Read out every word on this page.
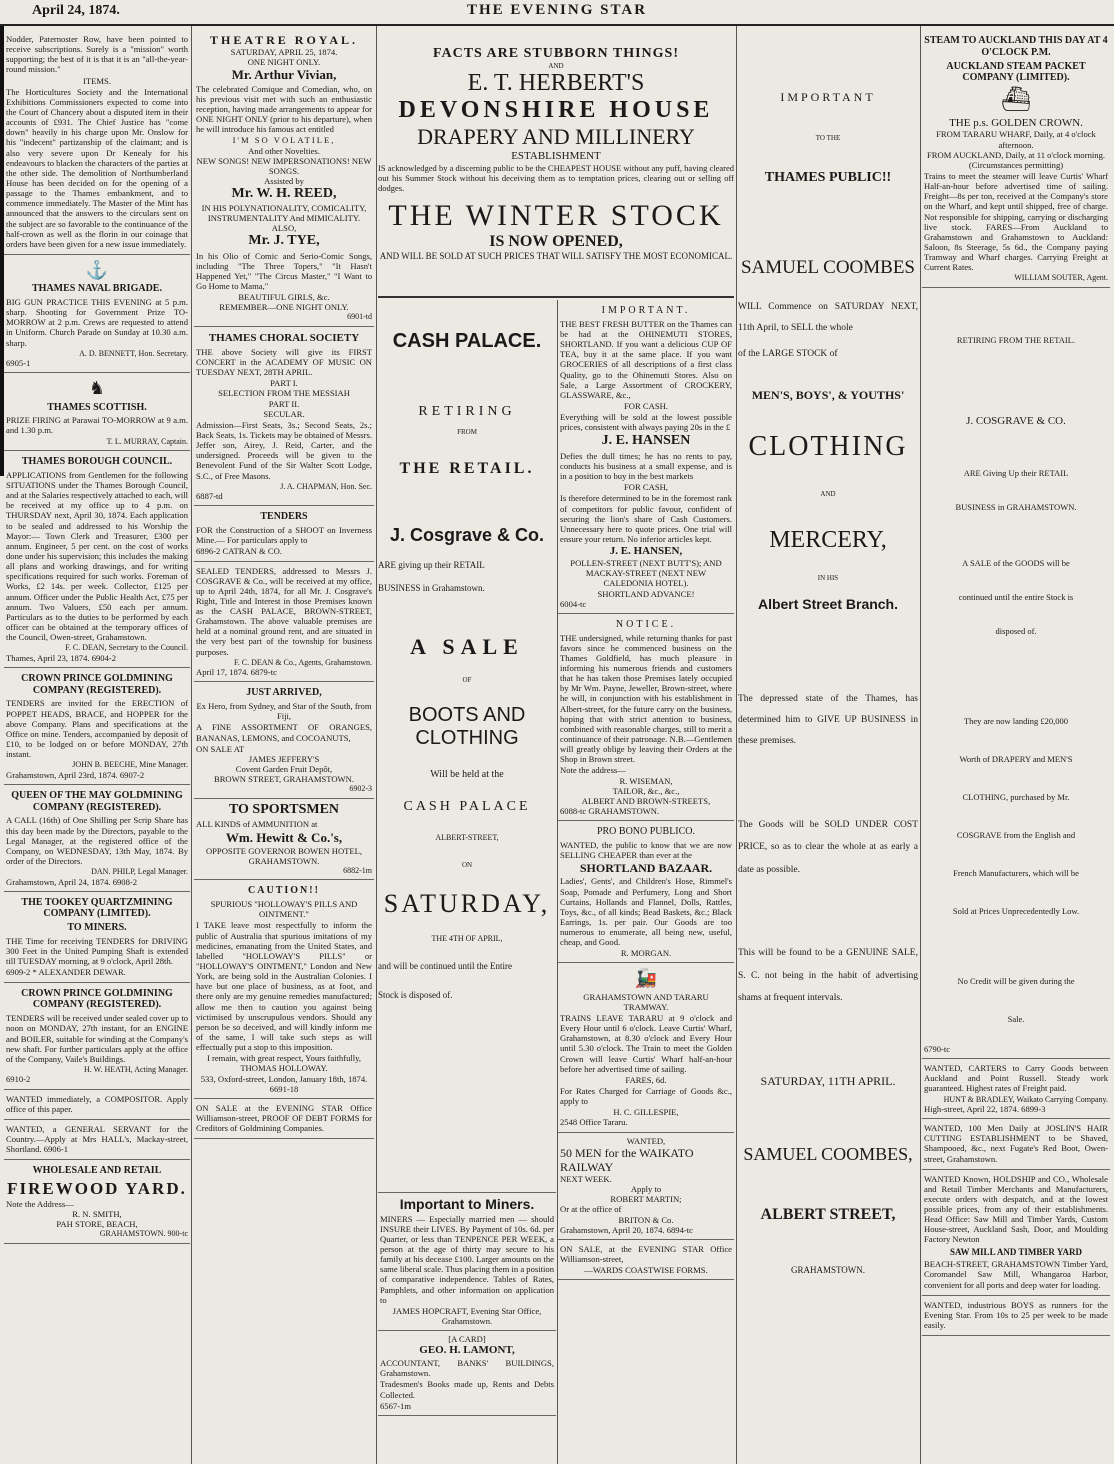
April 24, 1874.	THE EVENING STAR

Nodder, Paternoster Row, have been pointed to receive subscriptions. Surely is a "mission" worth supporting; the best of it is that it is an "all-the-year-round mission."

ITEMS.

The Horticultures Society and the International Exhibitions Commissioners expected to come into the Court of Chancery about a disputed item in their accounts of £931. The Chief Justice has "come down" heavily in his charge upon Mr. Onslow for his "indecent" partizanship of the claimant; and is also very severe upon Dr Kenealy for his endeavours to blacken the characters of the parties at the other side. The demolition of Northumberland House has been decided on for the opening of a passage to the Thames embankment, and to commence immediately. The Master of the Mint has announced that the answers to the circulars sent on the subject are so favorable to the continuance of the half-crown as well as the florin in our coinage that orders have been given for a new issue immediately.

⚓
THAMES NAVAL BRIGADE.

BIG GUN PRACTICE THIS EVENING at 5 p.m. sharp. Shooting for Government Prize TO-MORROW at 2 p.m. Crews are requested to attend in Uniform. Church Parade on Sunday at 10.30 a.m. sharp.

A. D. BENNETT, Hon. Secretary.
6905-1
♞
THAMES SCOTTISH.

PRIZE FIRING at Parawai TO-MORROW at 9 a.m. and 1.30 p.m.

T. L. MURRAY, Captain.
THAMES BOROUGH COUNCIL.

APPLICATIONS from Gentlemen for the following SITUATIONS under the Thames Borough Council, and at the Salaries respectively attached to each, will be received at my office up to 4 p.m. on THURSDAY next, April 30, 1874. Each application to be sealed and addressed to his Worship the Mayor:— Town Clerk and Treasurer, £300 per annum. Engineer, 5 per cent. on the cost of works done under his supervision; this includes the making all plans and working drawings, and for writing specifications required for such works. Foreman of Works, £2 14s. per week. Collector, £125 per annum. Officer under the Public Health Act, £75 per annum. Two Valuers, £50 each per annum. Particulars as to the duties to be performed by each officer can be obtained at the temporary offices of the Council, Owen-street, Grahamstown.

F. C. DEAN, Secretary to the Council.
Thames, April 23, 1874. 6904-2
CROWN PRINCE GOLDMINING COMPANY (REGISTERED).

TENDERS are invited for the ERECTION of POPPET HEADS, BRACE, and HOPPER for the above Company. Plans and specifications at the Office on mine. Tenders, accompanied by deposit of £10, to be lodged on or before MONDAY, 27th instant.

JOHN B. BEECHE, Mine Manager.
Grahamstown, April 23rd, 1874. 6907-2
QUEEN OF THE MAY GOLDMINING COMPANY (REGISTERED).

A CALL (16th) of One Shilling per Scrip Share has this day been made by the Directors, payable to the Legal Manager, at the registered office of the Company, on WEDNESDAY, 13th May, 1874. By order of the Directors.

DAN. PHILP, Legal Manager.
Grahamstown, April 24, 1874. 6908-2
THE TOOKEY QUARTZMINING COMPANY (LIMITED).
TO MINERS.

THE Time for receiving TENDERS for DRIVING 300 Feet in the United Pumping Shaft is extended till TUESDAY morning, at 9 o'clock, April 28th.

6909-2 * ALEXANDER DEWAR.
CROWN PRINCE GOLDMINING COMPANY (REGISTERED).

TENDERS will be received under sealed cover up to noon on MONDAY, 27th instant, for an ENGINE and BOILER, suitable for winding at the Company's new shaft. For further particulars apply at the office of the Company, Vaile's Buildings.

H. W. HEATH, Acting Manager.
6910-2

WANTED immediately, a COMPOSITOR. Apply office of this paper.

WANTED, a GENERAL SERVANT for the Country.—Apply at Mrs HALL's, Mackay-street, Shortland. 6906-1

WHOLESALE AND RETAIL
FIREWOOD YARD.
Note the Address—
R. N. SMITH,
PAH STORE, BEACH,
GRAHAMSTOWN. 900-tc
THEATRE ROYAL.
SATURDAY, APRIL 25, 1874.
ONE NIGHT ONLY.
Mr. Arthur Vivian,

The celebrated Comique and Comedian, who, on his previous visit met with such an enthusiastic reception, having made arrangements to appear for ONE NIGHT ONLY (prior to his departure), when he will introduce his famous act entitled

I'M SO VOLATILE,
And other Novelties.
NEW SONGS! NEW IMPERSONATIONS! NEW SONGS.
Assisted by
Mr. W. H. REED,
IN HIS POLYNATIONALITY, COMICALITY, INSTRUMENTALITY And MIMICALITY.
ALSO,
Mr. J. TYE,

In his Olio of Comic and Serio-Comic Songs, including "The Three Topers," "It Hasn't Happened Yet," "The Circus Master," "I Want to Go Home to Mama,"

BEAUTIFUL GIRLS, &c.
REMEMBER—ONE NIGHT ONLY.
6901-td
THAMES CHORAL SOCIETY

THE above Society will give its FIRST CONCERT in the ACADEMY OF MUSIC ON TUESDAY NEXT, 28TH APRIL.

PART I.
SELECTION FROM THE MESSIAH
PART II.
SECULAR.

Admission—First Seats, 3s.; Second Seats, 2s.; Back Seats, 1s. Tickets may be obtained of Messrs. Jeffer son, Airey, J. Reid, Carter, and the undersigned. Proceeds will be given to the Benevolent Fund of the Sir Walter Scott Lodge, S.C., of Free Masons.

J. A. CHAPMAN, Hon. Sec.
6887-td
TENDERS

FOR the Construction of a SHOOT on Inverness Mine.— For particulars apply to

6896-2 CATRAN & CO.

SEALED TENDERS, addressed to Messrs J. COSGRAVE & Co., will be received at my office, up to April 24th, 1874, for all Mr. J. Cosgrave's Right, Title and Interest in those Premises known as the CASH PALACE, BROWN-STREET, Grahamstown. The above valuable premises are held at a nominal ground rent, and are situated in the very best part of the township for business purposes.

F. C. DEAN & Co., Agents, Grahamstown.
April 17, 1874. 6879-tc
JUST ARRIVED,
Ex Hero, from Sydney, and Star of the South, from Fiji,

A FINE ASSORTMENT OF ORANGES, BANANAS, LEMONS, and COCOANUTS,

ON SALE AT
JAMES JEFFERY'S
Covent Garden Fruit Depôt,
BROWN STREET, GRAHAMSTOWN.
6902-3
TO SPORTSMEN

ALL KINDS of AMMUNITION at

Wm. Hewitt & Co.'s,
OPPOSITE GOVERNOR BOWEN HOTEL, GRAHAMSTOWN.
6882-1m
CAUTION!!
SPURIOUS "HOLLOWAY'S PILLS AND OINTMENT."

I TAKE leave most respectfully to inform the public of Australia that spurious imitations of my medicines, emanating from the United States, and labelled "HOLLOWAY'S PILLS" or "HOLLOWAY'S OINTMENT," London and New York, are being sold in the Australian Colonies. I have but one place of business, as at foot, and there only are my genuine remedies manufactured; allow me then to caution you against being victimised by unscrupulous vendors. Should any person be so deceived, and will kindly inform me of the same, I will take such steps as will effectually put a stop to this imposition.

I remain, with great respect, Yours faithfully, THOMAS HOLLOWAY.
533, Oxford-street, London, January 18th, 1874. 6691-18

ON SALE at the EVENING STAR Office Williamson-street, PROOF OF DEBT FORMS for Creditors of Goldmining Companies.

FACTS ARE STUBBORN THINGS!
AND
E. T. HERBERT'S
DEVONSHIRE HOUSE
DRAPERY AND MILLINERY
ESTABLISHMENT

IS acknowledged by a discerning public to be the CHEAPEST HOUSE without any puff, having cleared out his Summer Stock without his deceiving them as to temptation prices, clearing out or selling off dodges.

THE WINTER STOCK
IS NOW OPENED,
AND WILL BE SOLD AT SUCH PRICES THAT WILL SATISFY THE MOST ECONOMICAL.
CASH PALACE.
RETIRING
FROM
THE RETAIL.
J. Cosgrave & Co.

ARE giving up their RETAIL

BUSINESS in Grahamstown.

A SALE
OF
BOOTS AND CLOTHING
Will be held at the
CASH PALACE
ALBERT-STREET,
ON
SATURDAY,
THE 4TH OF APRIL,

and will be continued until the Entire

Stock is disposed of.

Important to Miners.

MINERS — Especially married men — should INSURE their LIVES. By Payment of 10s. 6d. per Quarter, or less than TENPENCE PER WEEK, a person at the age of thirty may secure to his family at his decease £100. Larger amounts on the same liberal scale. Thus placing them in a position of comparative independence. Tables of Rates, Pamphlets, and other information on application to

JAMES HOPCRAFT, Evening Star Office, Grahamstown.
[A CARD]
GEO. H. LAMONT,

ACCOUNTANT, BANKS' BUILDINGS, Grahamstown.

Tradesmen's Books made up, Rents and Debts Collected.

6567-1m
IMPORTANT.

THE BEST FRESH BUTTER on the Thames can be had at the OHINEMUTI STORES, SHORTLAND. If you want a delicious CUP OF TEA, buy it at the same place. If you want GROCERIES of all descriptions of a first class Quality, go to the Ohinemuti Stores. Also on Sale, a Large Assortment of CROCKERY, GLASSWARE, &c.,

FOR CASH.

Everything will be sold at the lowest possible prices, consistent with always paying 20s in the £

J. E. HANSEN

Defies the dull times; he has no rents to pay, conducts his business at a small expense, and is in a position to buy in the best markets

FOR CASH,

Is therefore determined to be in the foremost rank of competitors for public favour, confident of securing the lion's share of Cash Customers. Unnecessary here to quote prices. One trial will ensure your return. No inferior articles kept.

J. E. HANSEN,
POLLEN-STREET (NEXT BUTT'S); AND MACKAY-STREET (NEXT NEW CALEDONIA HOTEL).
SHORTLAND ADVANCE!
6004-tc
NOTICE.

THE undersigned, while returning thanks for past favors since he commenced business on the Thames Goldfield, has much pleasure in informing his numerous friends and customers that he has taken those Premises lately occupied by Mr Wm. Payne, Jeweller, Brown-street, where he will, in conjunction with his establishment in Albert-street, for the future carry on the business, hoping that with strict attention to business, combined with reasonable charges, still to merit a continuance of their patronage. N.B.—Gentlemen will greatly oblige by leaving their Orders at the Shop in Brown street.

Note the address—
R. WISEMAN,
TAILOR, &c., &c.,
ALBERT AND BROWN-STREETS,
6088-tc GRAHAMSTOWN.
PRO BONO PUBLICO.

WANTED, the public to know that we are now SELLING CHEAPER than ever at the

SHORTLAND BAZAAR.

Ladies', Gents', and Children's Hose, Rimmel's Soap, Pomade and Perfumery, Long and Short Curtains, Hollands and Flannel, Dolls, Rattles, Toys, &c., of all kinds; Bead Baskets, &c.; Black Earrings, 1s. per pair. Our Goods are too numerous to enumerate, all being new, useful, cheap, and Good.

R. MORGAN.
🚂
GRAHAMSTOWN AND TARARU TRAMWAY.

TRAINS LEAVE TARARU at 9 o'clock and Every Hour until 6 o'clock. Leave Curtis' Wharf, Grahamstown, at 8.30 o'clock and Every Hour until 5.30 o'clock. The Train to meet the Golden Crown will leave Curtis' Wharf half-an-hour before her advertised time of sailing.

FARES, 6d.

For Rates Charged for Carriage of Goods &c., apply to

H. C. GILLESPIE,
2548 Office Tararu.
WANTED,
50 MEN for the WAIKATO RAILWAY
NEXT WEEK.
Apply to
ROBERT MARTIN;
Or at the office of
BRITON & Co.
Grahamstown, April 20, 1874. 6894-tc

ON SALE, at the EVENING STAR Office Williamson-street,

—WARDS COASTWISE FORMS.
IMPORTANT
TO THE
THAMES PUBLIC!!
SAMUEL COOMBES

WILL Commence on SATURDAY NEXT, 11th April, to SELL the whole

of the LARGE STOCK of

MEN'S, BOYS', & YOUTHS'
CLOTHING
AND
MERCERY,
IN HIS
Albert Street Branch.

The depressed state of the Thames, has determined him to GIVE UP BUSINESS in these premises.

The Goods will be SOLD UNDER COST PRICE, so as to clear the whole at as early a date as possible.

This will be found to be a GENUINE SALE, S. C. not being in the habit of advertising shams at frequent intervals.

SATURDAY, 11TH APRIL.
SAMUEL COOMBES,
ALBERT STREET,
GRAHAMSTOWN.
STEAM TO AUCKLAND THIS DAY AT 4 O'CLOCK P.M.
AUCKLAND STEAM PACKET COMPANY (LIMITED).
⛴
THE p.s. GOLDEN CROWN.
FROM TARARU WHARF, Daily, at 4 o'clock afternoon.
FROM AUCKLAND, Daily, at 11 o'clock morning.
(Circumstances permitting)

Trains to meet the steamer will leave Curtis' Wharf Half-an-hour before advertised time of sailing. Freight—8s per ton, received at the Company's store on the Wharf, and kept until shipped, free of charge. Not responsible for shipping, carrying or discharging live stock. FARES—From Auckland to Grahamstown and Grahamstown to Auckland: Saloon, 8s Steerage, 5s 6d., the Company paying Tramway and Wharf charges. Carrying Freight at Current Rates.

WILLIAM SOUTER, Agent.
RETIRING FROM THE RETAIL.
J. COSGRAVE & CO.
ARE Giving Up their RETAIL
BUSINESS in GRAHAMSTOWN.
A SALE of the GOODS will be
continued until the entire Stock is
disposed of.
They are now landing £20,000
Worth of DRAPERY and MEN'S
CLOTHING, purchased by Mr.
COSGRAVE from the English and
French Manufacturers, which will be
Sold at Prices Unprecedentedly Low.
No Credit will be given during the
Sale.
6790-tc

WANTED, CARTERS to Carry Goods between Auckland and Point Russell. Steady work guaranteed. Highest rates of Freight paid.

HUNT & BRADLEY, Waikato Carrying Company.
High-street, April 22, 1874. 6899-3

WANTED, 100 Men Daily at JOSLIN'S HAIR CUTTING ESTABLISHMENT to be Shaved, Shampooed, &c., next Fugate's Red Boot, Owen-street, Grahamstown.

WANTED Known, HOLDSHIP and CO., Wholesale and Retail Timber Merchants and Manufacturers, execute orders with despatch, and at the lowest possible prices, from any of their establishments. Head Office: Saw Mill and Timber Yards, Custom House-street, Auckland Sash, Door, and Moulding Factory Newton

SAW MILL AND TIMBER YARD

BEACH-STREET, GRAHAMSTOWN Timber Yard, Coromandel Saw Mill, Whangaroa Harbor, convenient for all ports and deep water for loading.

WANTED, industrious BOYS as runners for the Evening Star. From 10s to 25 per week to be made easily.
